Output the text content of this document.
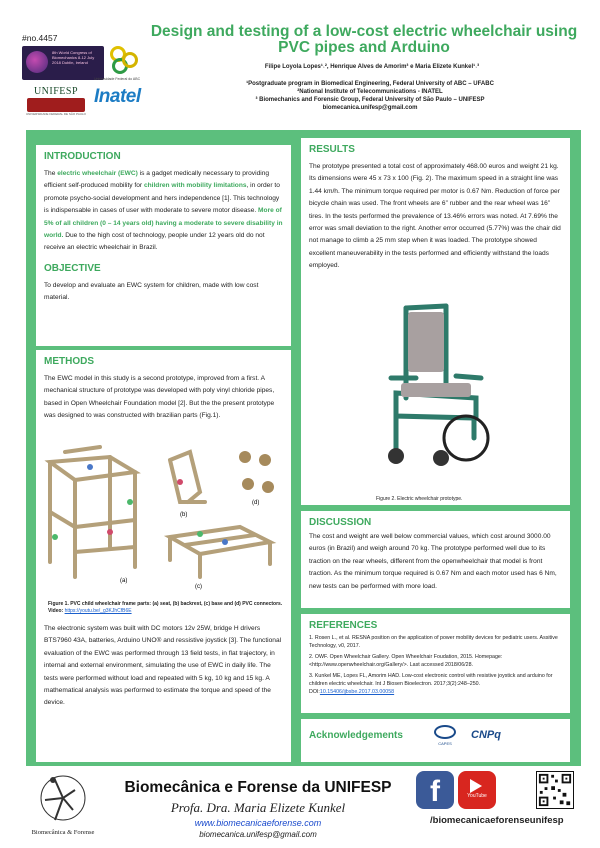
#no.4457
8th World Congress of Biomechanics 8-12 July 2018 Dublin, Ireland
Universidade Federal do ABC
UNIFESP
UNIVERSIDADE FEDERAL DE SÃO PAULO
Inatel
Design and testing of a low-cost electric wheelchair using PVC pipes and Arduino
Filipe Loyola Lopes¹˒², Henrique Alves de Amorim³ e Maria Elizete Kunkel¹˒³
¹Postgraduate program in Biomedical Engineering, Federal University of ABC – UFABC
²National Institute of Telecommunications - INATEL
³ Biomechanics and Forensic Group, Federal University of São Paulo – UNIFESP
biomecanica.unifesp@gmail.com
INTRODUCTION
The electric wheelchair (EWC) is a gadget medically necessary to providing efficient self-produced mobility for children with mobility limitations, in order to promote psycho-social development and hers independence [1]. This technology is indispensable in cases of user with moderate to severe motor disease. More of 5% of all children (0 – 14 years old) having a moderate to severe disability in world. Due to the high cost of technology, people under 12 years old do not receive an electric wheelchair in Brazil.
OBJECTIVE
To develop and evaluate an EWC system for children, made with low cost material.
METHODS
The EWC model in this study is a second prototype, improved from a first. A mechanical structure of prototype was developed with poly vinyl chloride pipes, based in Open Wheelchair Foundation model [2]. But the the present prototype was designed to was constructed with brazilian parts (Fig.1).
(a)
(b)
(c)
(d)
Figure 1. PVC child wheelchair frame parts: (a) seat, (b) backrest, (c) base and (d) PVC connectors. Video: https://youtu.be/_g3KJhCfB6E
The electronic system was built with DC motors 12v 25W, bridge H drivers BTS7960 43A, batteries, Arduino UNO® and ressistive joystick [3]. The functional evaluation of the EWC was performed through 13 field tests, in flat trajectory, in internal and external environment, simulating the use of EWC in daily life. The tests were performed without load and repeated with 5 kg, 10 kg and 15 kg. A mathematical analysis was performed to estimate the torque and speed of the device.
RESULTS
The prototype presented a total cost of approximately 468.00 euros and weight 21 kg. Its dimensions were 45 x 73 x 100 (Fig. 2). The maximum speed in a straight line was 1.44 km/h. The minimum torque required per motor is 0.67 Nm. Reduction of force per bicycle chain was used. The front wheels are 6” rubber and the rear wheel was 16” tires. In the tests performed the prevalence of 13.46% errors was noted. At 7.69% the error was small deviation to the right. Another error occurred (5.77%) was the chair did not manage to climb a 25 mm step when it was loaded. The prototype showed excellent maneuverability in the tests performed and efficiently withstand the loads employed.
Figure 2. Electric wheelchair prototype.
DISCUSSION
The cost and weight are well below commercial values, which cost around 3000.00 euros (in Brazil) and weigh around 70 kg. The prototype performed well due to its traction on the rear wheels, different from the openwheelchair that model is front traction. As the minimum torque required is 0.67 Nm and each motor used has 6 Nm, new tests can be performed with more load.
REFERENCES
1. Rosen L., et al. RESNA position on the application of power mobility devices for pediatric users. Assitive Technology, v0, 2017.
2. OWF. Open Wheelchair Gallery. Open Wheelchair Foudation, 2015. Homepage: <http://www.openwheelchair.org/Gallery/>. Last accessed 2018/06/28.
3. Kunkel ME, Lopes FL, Amorim HAD. Low-cost electronic control with resistive joystick and arduino for children electric wheelchair. Int J Biosen Bioelectron. 2017;3(2):248–250. DOI:10.15406/ijbsbe.2017.03.00058
Acknowledgements
CAPES
CNPq
Biomecânica & Forense
Biomecânica e Forense da UNIFESP
Profa. Dra. Maria Elizete Kunkel
www.biomecanicaeforense.com
biomecanica.unifesp@gmail.com
f	YouTube
/biomecanicaeforenseunifesp
